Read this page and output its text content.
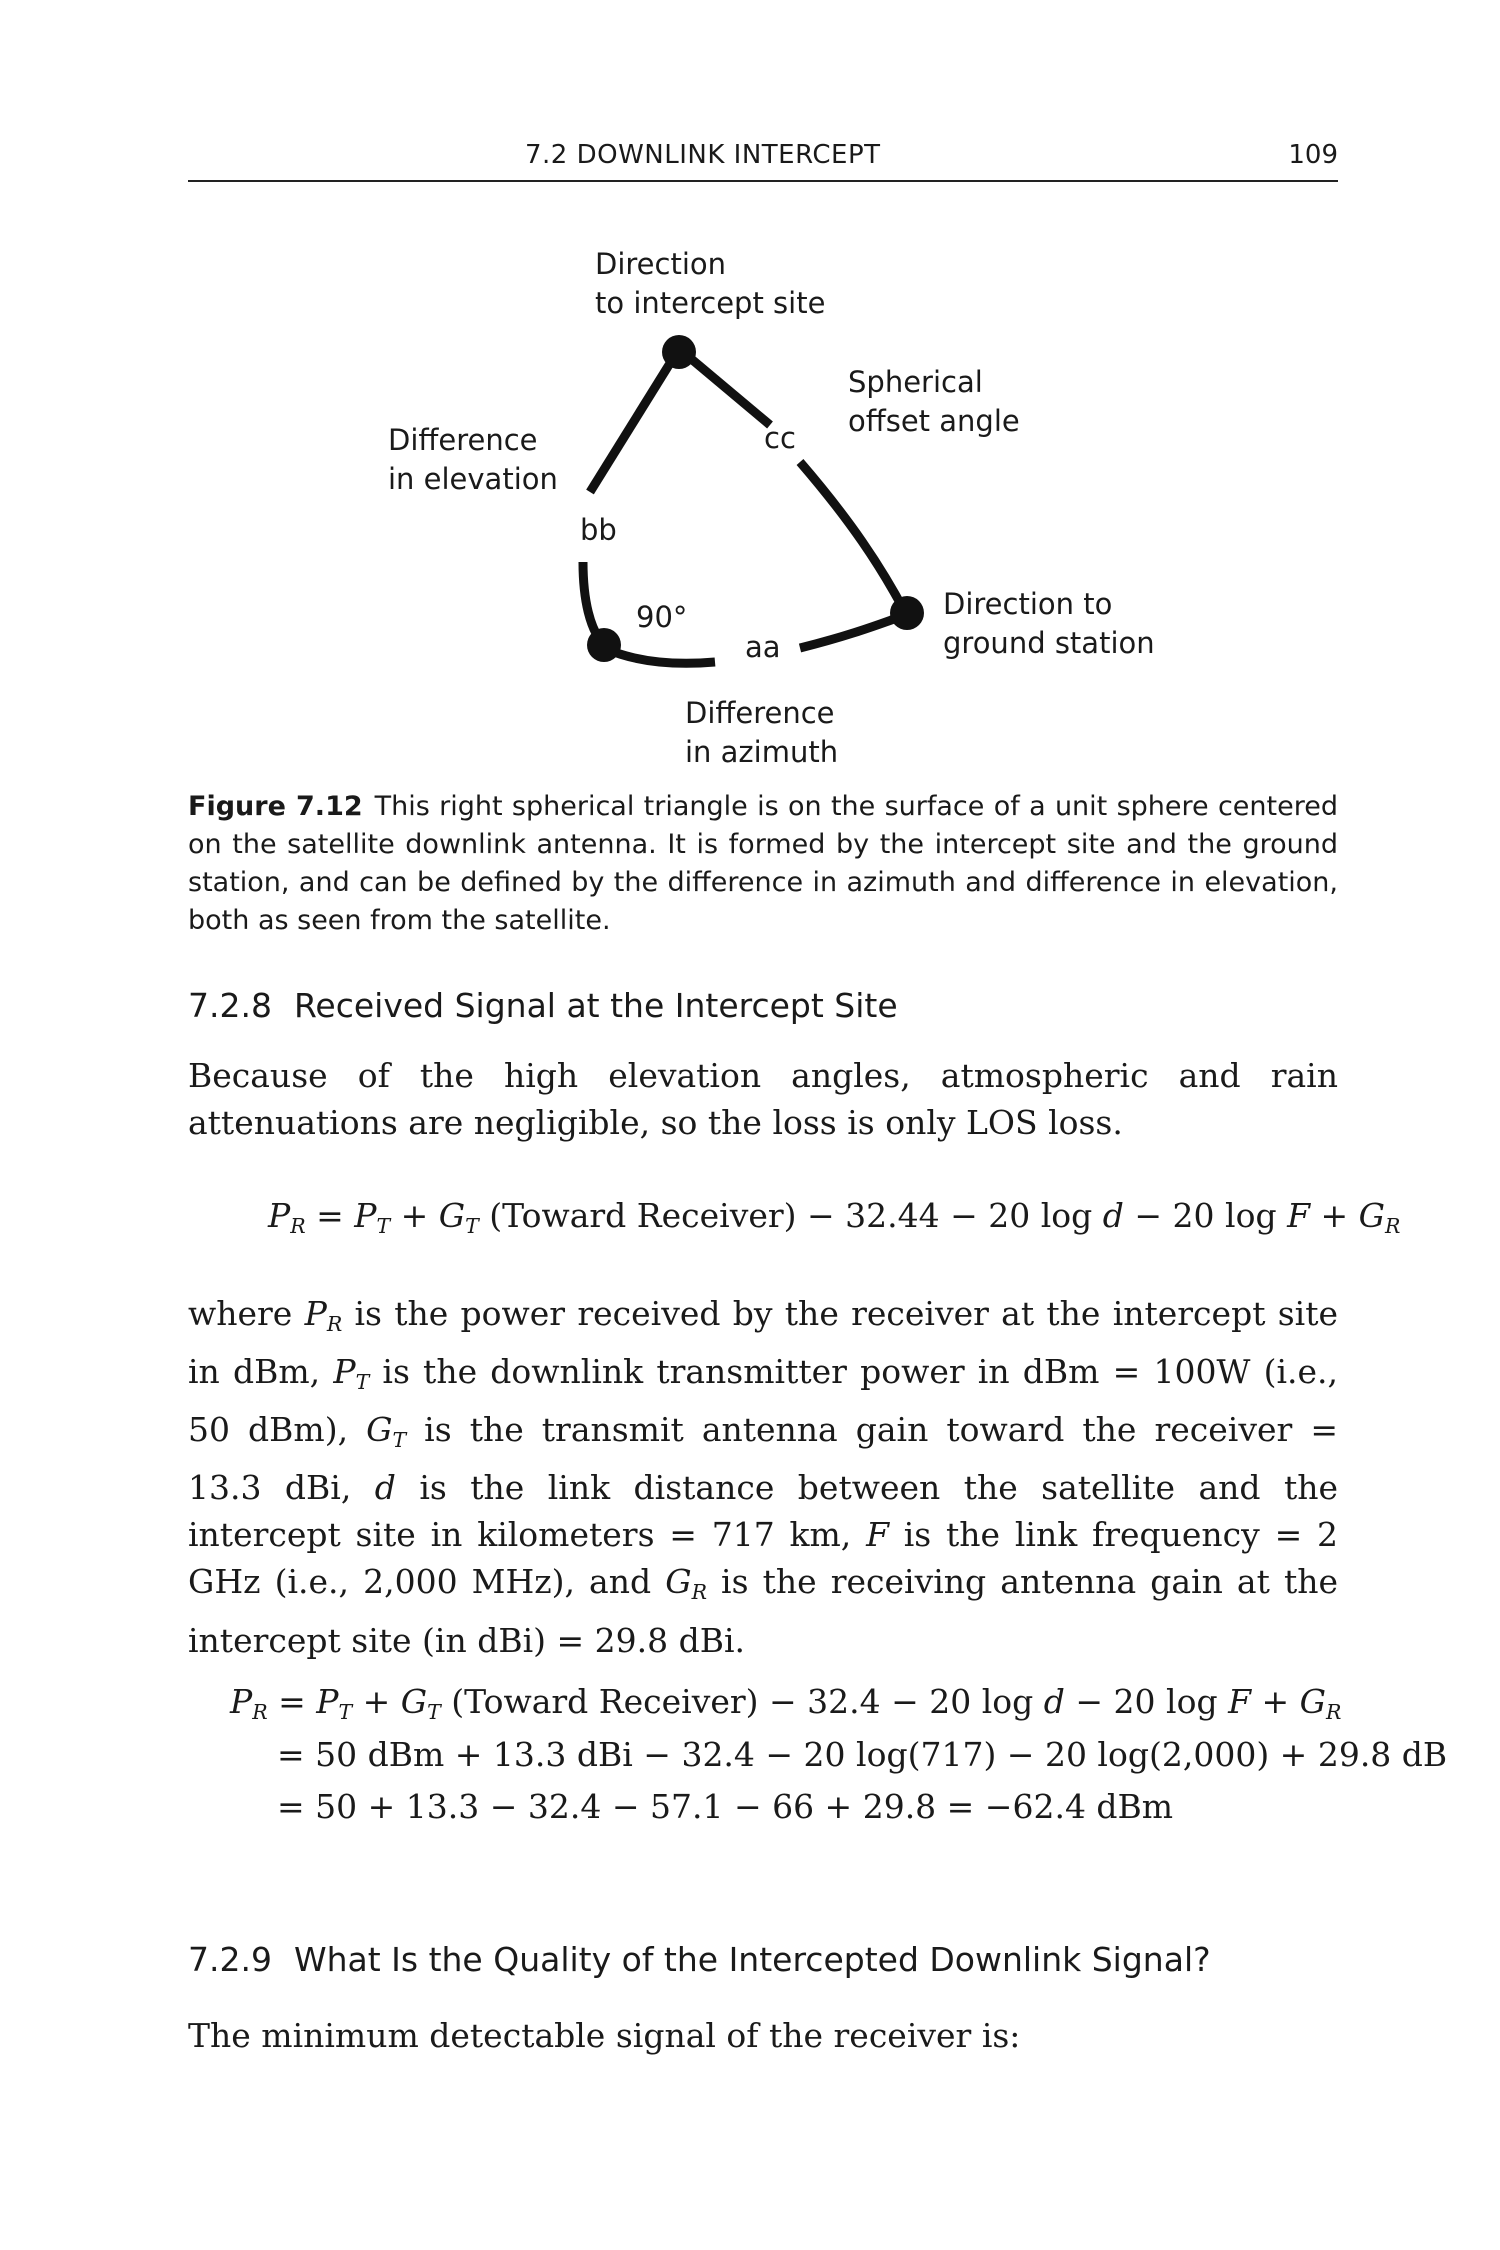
7.2 DOWNLINK INTERCEPT	109
Direction
to intercept site
Spherical
offset angle
Difference
in elevation
Direction to
ground station
Difference
in azimuth
cc
bb
aa
90°
Figure 7.12 This right spherical triangle is on the surface of a unit sphere centered on the satellite downlink antenna. It is formed by the intercept site and the ground station, and can be defined by the difference in azimuth and difference in elevation, both as seen from the satellite.
7.2.8 Received Signal at the Intercept Site
Because of the high elevation angles, atmospheric and rain attenuations are negligible, so the loss is only LOS loss.
$P_R = P_T + G_T$ (Toward Receiver) − 32.44 − 20 log d − 20 $\log F + G_R$
where $P_R$ is the power received by the receiver at the intercept site in dBm, $P_T$ is the downlink transmitter power in dBm = 100W (i.e., 50 dBm), $G_T$ is the transmit antenna gain toward the receiver = 13.3 dBi, d is the link distance between the satellite and the intercept site in kilometers = 717 km, F is the link frequency = 2 GHz (i.e., 2,000 MHz), and $G_R$ is the receiving antenna gain at the intercept site (in dBi) = 29.8 dBi.
$P_R = P_T + G_T$ (Toward Receiver) − 32.4 − 20 log d − 20 $\log F + G_R$
= 50 dBm + 13.3 dBi − 32.4 − 20 log(717) − 20 log(2,000) + 29.8 dB
= 50 + 13.3 − 32.4 − 57.1 − 66 + 29.8 = −62.4 dBm
7.2.9 What Is the Quality of the Intercepted Downlink Signal?
The minimum detectable signal of the receiver is:
